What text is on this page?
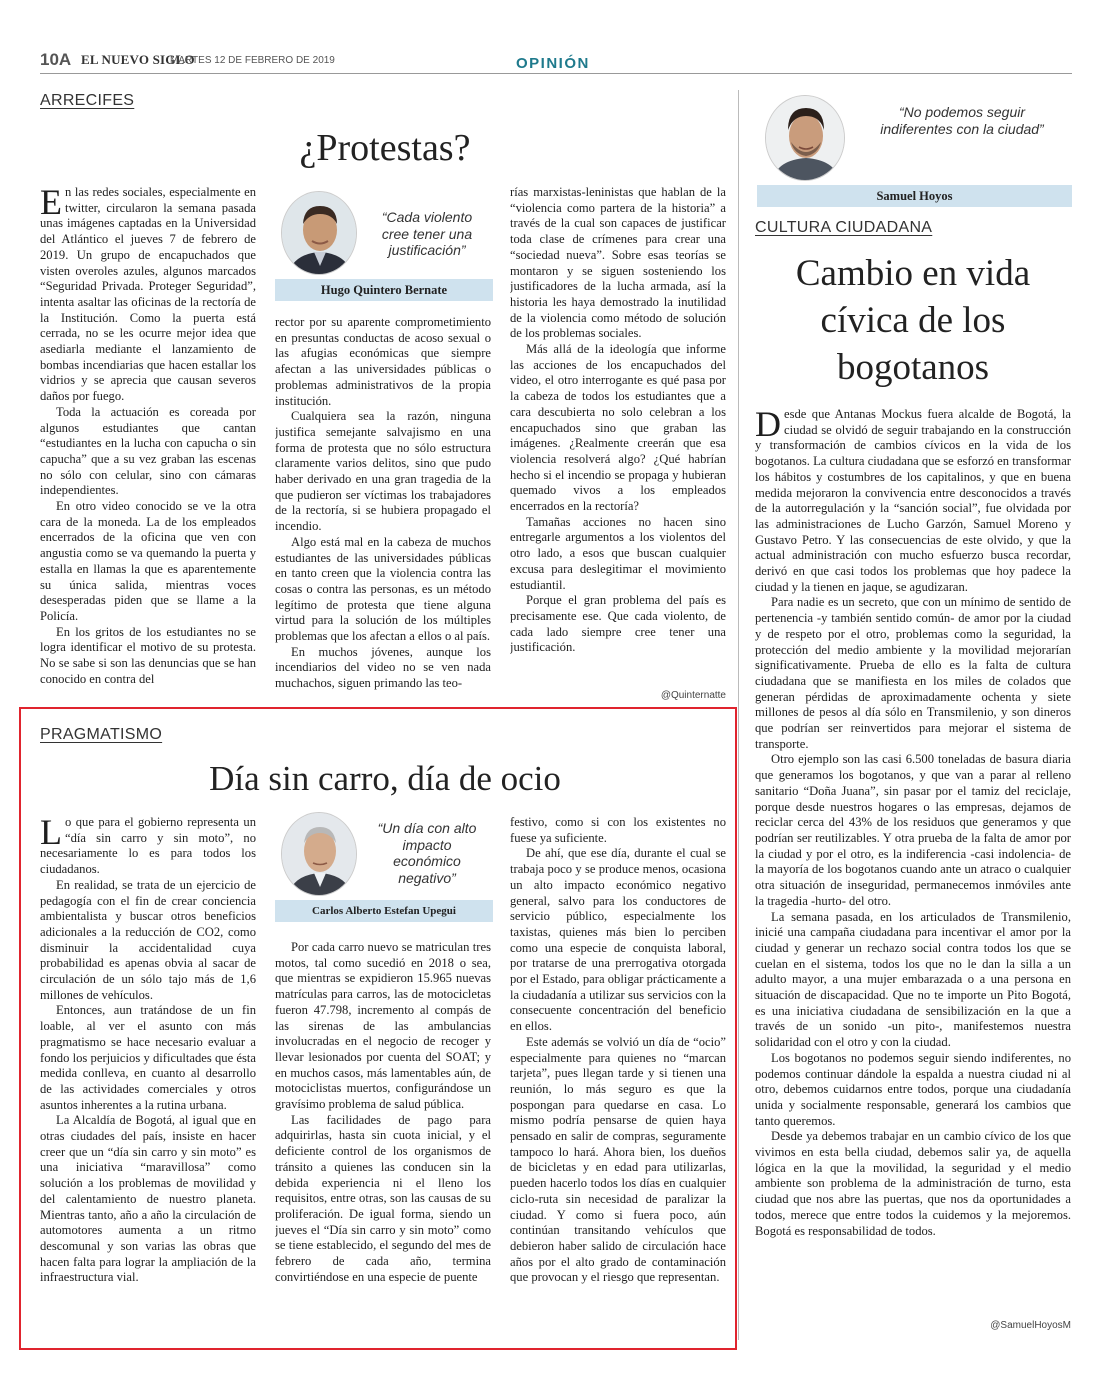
10A EL NUEVO SIGLO
MARTES 12 DE FEBRERO DE 2019	OPINIÓN
ARRECIFES
¿Protestas?

En las redes sociales, especialmente en twitter, circularon la semana pasada unas imágenes captadas en la Universidad del Atlántico el jueves 7 de febrero de 2019. Un grupo de encapuchados que visten overoles azules, algunos marcados “Seguridad Privada. Proteger Seguridad”, intenta asaltar las oficinas de la rectoría de la Institución. Como la puerta está cerrada, no se les ocurre mejor idea que asediarla mediante el lanzamiento de bombas incendiarias que hacen estallar los vidrios y se aprecia que causan severos daños por fuego.

Toda la actuación es coreada por algunos estudiantes que cantan “estudiantes en la lucha con capucha o sin capucha” que a su vez graban las escenas no sólo con celular, sino con cámaras independientes.

En otro video conocido se ve la otra cara de la moneda. La de los empleados encerrados de la oficina que ven con angustia como se va quemando la puerta y estalla en llamas la que es aparentemente su única salida, mientras voces desesperadas piden que se llame a la Policía.

En los gritos de los estudiantes no se logra identificar el motivo de su protesta. No se sabe si son las denuncias que se han conocido en contra del

“Cada violento cree tener una justificación”
Hugo Quintero Bernate

rector por su aparente comprometimiento en presuntas conductas de acoso sexual o las afugias económicas que siempre afectan a las universidades públicas o problemas administrativos de la propia institución.

Cualquiera sea la razón, ninguna justifica semejante salvajismo en una forma de protesta que no sólo estructura claramente varios delitos, sino que pudo haber derivado en una gran tragedia de la que pudieron ser víctimas los trabajadores de la rectoría, si se hubiera propagado el incendio.

Algo está mal en la cabeza de muchos estudiantes de las universidades públicas en tanto creen que la violencia contra las cosas o contra las personas, es un método legítimo de protesta que tiene alguna virtud para la solución de los múltiples problemas que los afectan a ellos o al país.

En muchos jóvenes, aunque los incendiarios del video no se ven nada muchachos, siguen primando las teo-

rías marxistas-leninistas que hablan de la “violencia como partera de la historia” a través de la cual son capaces de justificar toda clase de crímenes para crear una “sociedad nueva”. Sobre esas teorías se montaron y se siguen sosteniendo los justificadores de la lucha armada, así la historia les haya demostrado la inutilidad de la violencia como método de solución de los problemas sociales.

Más allá de la ideología que informe las acciones de los encapuchados del video, el otro interrogante es qué pasa por la cabeza de todos los estudiantes que a cara descubierta no solo celebran a los encapuchados sino que graban las imágenes. ¿Realmente creerán que esa violencia resolverá algo? ¿Qué habrían hecho si el incendio se propaga y hubieran quemado vivos a los empleados encerrados en la rectoría?

Tamañas acciones no hacen sino entregarle argumentos a los violentos del otro lado, a esos que buscan cualquier excusa para deslegitimar el movimiento estudiantil.

Porque el gran problema del país es precisamente ese. Que cada violento, de cada lado siempre cree tener una justificación.

@Quinternatte
PRAGMATISMO
Día sin carro, día de ocio

Lo que para el gobierno representa un “día sin carro y sin moto”, no necesariamente lo es para todos los ciudadanos.

En realidad, se trata de un ejercicio de pedagogía con el fin de crear conciencia ambientalista y buscar otros beneficios adicionales a la reducción de CO2, como disminuir la accidentalidad cuya probabilidad es apenas obvia al sacar de circulación de un sólo tajo más de 1,6 millones de vehículos.

Entonces, aun tratándose de un fin loable, al ver el asunto con más pragmatismo se hace necesario evaluar a fondo los perjuicios y dificultades que ésta medida conlleva, en cuanto al desarrollo de las actividades comerciales y otros asuntos inherentes a la rutina urbana.

La Alcaldía de Bogotá, al igual que en otras ciudades del país, insiste en hacer creer que un “día sin carro y sin moto” es una iniciativa “maravillosa” como solución a los problemas de movilidad y del calentamiento de nuestro planeta. Mientras tanto, año a año la circulación de automotores aumenta a un ritmo descomunal y son varias las obras que hacen falta para lograr la ampliación de la infraestructura vial.

“Un día con alto impacto económico negativo”
Carlos Alberto Estefan Upegui

Por cada carro nuevo se matriculan tres motos, tal como sucedió en 2018 o sea, que mientras se expidieron 15.965 nuevas matrículas para carros, las de motocicletas fueron 47.798, incremento al compás de las sirenas de las ambulancias involucradas en el negocio de recoger y llevar lesionados por cuenta del SOAT; y en muchos casos, más lamentables aún, de motociclistas muertos, configurándose un gravísimo problema de salud pública.

Las facilidades de pago para adquirirlas, hasta sin cuota inicial, y el deficiente control de los organismos de tránsito a quienes las conducen sin la debida experiencia ni el lleno los requisitos, entre otras, son las causas de su proliferación. De igual forma, siendo un jueves el “Día sin carro y sin moto” como se tiene establecido, el segundo del mes de febrero de cada año, termina convirtiéndose en una especie de puente

festivo, como si con los existentes no fuese ya suficiente.

De ahí, que ese día, durante el cual se trabaja poco y se produce menos, ocasiona un alto impacto económico negativo general, salvo para los conductores de servicio público, especialmente los taxistas, quienes más bien lo perciben como una especie de conquista laboral, por tratarse de una prerrogativa otorgada por el Estado, para obligar prácticamente a la ciudadanía a utilizar sus servicios con la consecuente concentración del beneficio en ellos.

Este además se volvió un día de “ocio” especialmente para quienes no “marcan tarjeta”, pues llegan tarde y si tienen una reunión, lo más seguro es que la pospongan para quedarse en casa. Lo mismo podría pensarse de quien haya pensado en salir de compras, seguramente tampoco lo hará. Ahora bien, los dueños de bicicletas y en edad para utilizarlas, pueden hacerlo todos los días en cualquier ciclo-ruta sin necesidad de paralizar la ciudad. Y como si fuera poco, aún continúan transitando vehículos que debieron haber salido de circulación hace años por el alto grado de contaminación que provocan y el riesgo que representan.

“No podemos seguir indiferentes con la ciudad”
Samuel Hoyos
CULTURA CIUDADANA
Cambio en vida
cívica de los
bogotanos

Desde que Antanas Mockus fuera alcalde de Bogotá, la ciudad se olvidó de seguir trabajando en la construcción y transformación de cambios cívicos en la vida de los bogotanos. La cultura ciudadana que se esforzó en transformar los hábitos y costumbres de los capitalinos, y que en buena medida mejoraron la convivencia entre desconocidos a través de la autorregulación y la “sanción social”, fue olvidada por las administraciones de Lucho Garzón, Samuel Moreno y Gustavo Petro. Y las consecuencias de este olvido, y que la actual administración con mucho esfuerzo busca recordar, derivó en que casi todos los problemas que hoy padece la ciudad y la tienen en jaque, se agudizaran.

Para nadie es un secreto, que con un mínimo de sentido de pertenencia -y también sentido común- de amor por la ciudad y de respeto por el otro, problemas como la seguridad, la protección del medio ambiente y la movilidad mejorarían significativamente. Prueba de ello es la falta de cultura ciudadana que se manifiesta en los miles de colados que generan pérdidas de aproximadamente ochenta y siete millones de pesos al día sólo en Transmilenio, y son dineros que podrían ser reinvertidos para mejorar el sistema de transporte.

Otro ejemplo son las casi 6.500 toneladas de basura diaria que generamos los bogotanos, y que van a parar al relleno sanitario “Doña Juana”, sin pasar por el tamiz del reciclaje, porque desde nuestros hogares o las empresas, dejamos de reciclar cerca del 43% de los residuos que generamos y que podrían ser reutilizables. Y otra prueba de la falta de amor por la ciudad y por el otro, es la indiferencia -casi indolencia- de la mayoría de los bogotanos cuando ante un atraco o cualquier otra situación de inseguridad, permanecemos inmóviles ante la tragedia -hurto- del otro.

La semana pasada, en los articulados de Transmilenio, inicié una campaña ciudadana para incentivar el amor por la ciudad y generar un rechazo social contra todos los que se cuelan en el sistema, todos los que no le dan la silla a un adulto mayor, a una mujer embarazada o a una persona en situación de discapacidad. Que no te importe un Pito Bogotá, es una iniciativa ciudadana de sensibilización en la que a través de un sonido -un pito-, manifestemos nuestra solidaridad con el otro y con la ciudad.

Los bogotanos no podemos seguir siendo indiferentes, no podemos continuar dándole la espalda a nuestra ciudad ni al otro, debemos cuidarnos entre todos, porque una ciudadanía unida y socialmente responsable, generará los cambios que tanto queremos.

Desde ya debemos trabajar en un cambio cívico de los que vivimos en esta bella ciudad, debemos salir ya, de aquella lógica en la que la movilidad, la seguridad y el medio ambiente son problema de la administración de turno, esta ciudad que nos abre las puertas, que nos da oportunidades a todos, merece que entre todos la cuidemos y la mejoremos. Bogotá es responsabilidad de todos.

@SamuelHoyosM
